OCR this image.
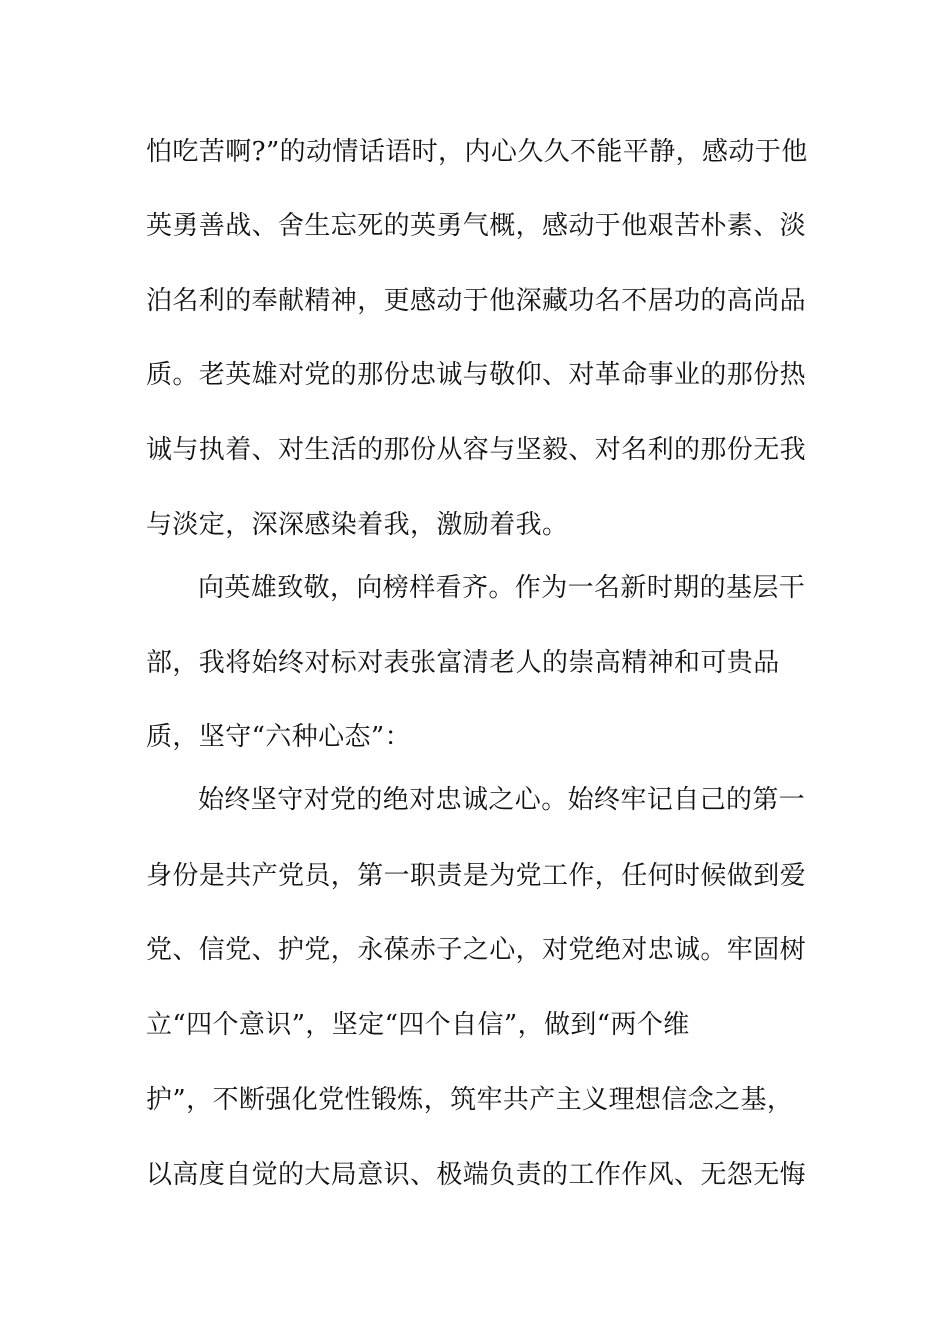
怕吃苦啊?”的动情话语时，内心久久不能平静，感动于他
英勇善战、舍生忘死的英勇气概，感动于他艰苦朴素、淡
泊名利的奉献精神，更感动于他深藏功名不居功的高尚品
质。老英雄对党的那份忠诚与敬仰、对革命事业的那份热
诚与执着、对生活的那份从容与坚毅、对名利的那份无我
与淡定，深深感染着我，激励着我。
向英雄致敬，向榜样看齐。作为一名新时期的基层干
部，我将始终对标对表张富清老人的崇高精神和可贵品
质，坚守“六种心态”：
始终坚守对党的绝对忠诚之心。始终牢记自己的第一
身份是共产党员，第一职责是为党工作，任何时候做到爱
党、信党、护党，永葆赤子之心，对党绝对忠诚。牢固树
立“四个意识”，坚定“四个自信”，做到“两个维
护”，不断强化党性锻炼，筑牢共产主义理想信念之基，
以高度自觉的大局意识、极端负责的工作作风、无怨无悔
